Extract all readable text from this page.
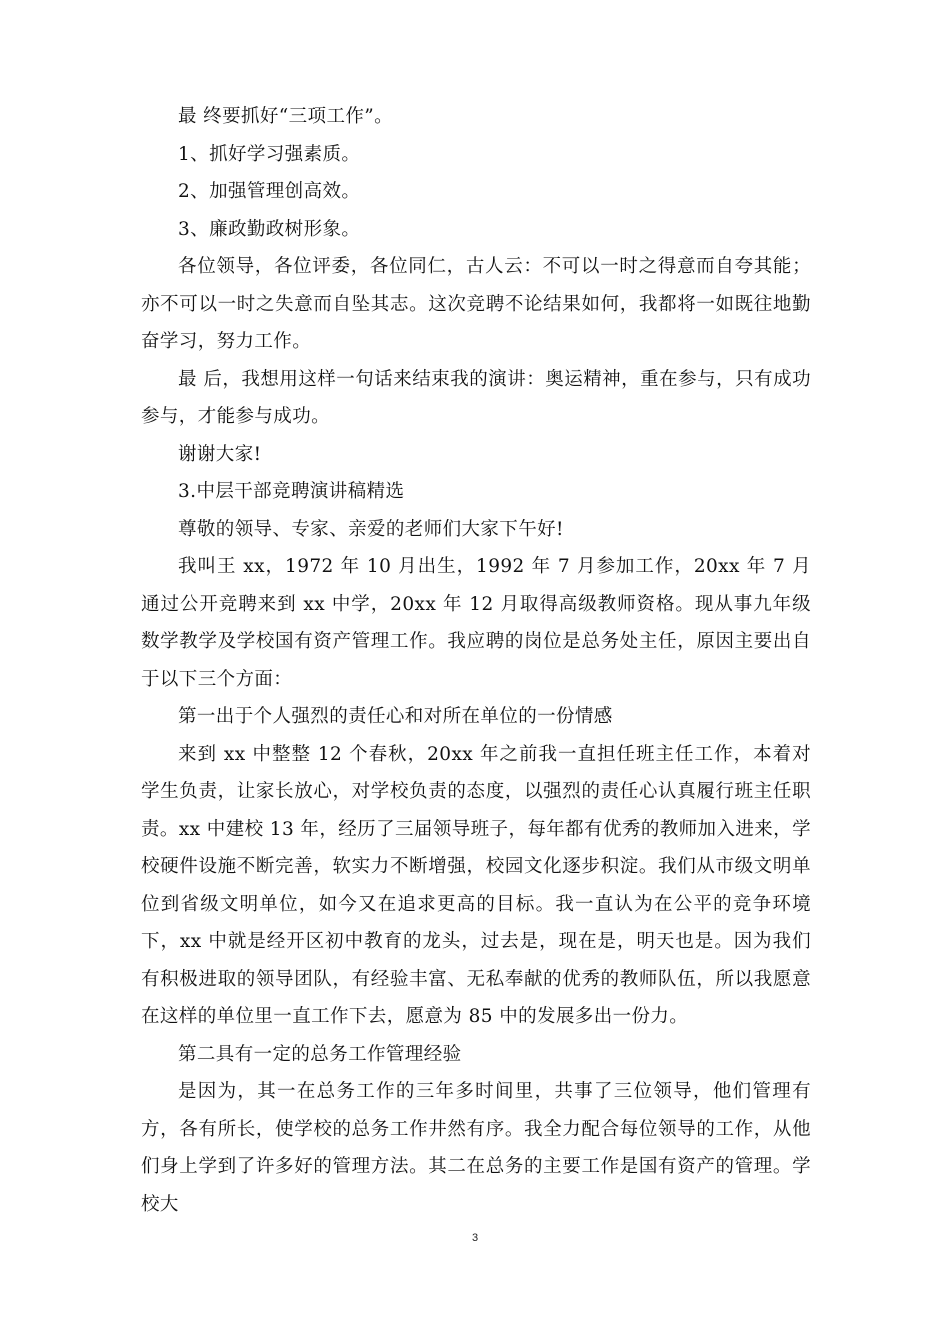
最 终要抓好“三项工作”。

1、抓好学习强素质。

2、加强管理创高效。

3、廉政勤政树形象。

各位领导，各位评委，各位同仁，古人云：不可以一时之得意而自夸其能；亦不可以一时之失意而自坠其志。这次竞聘不论结果如何，我都将一如既往地勤奋学习，努力工作。

最 后，我想用这样一句话来结束我的演讲：奥运精神，重在参与，只有成功参与，才能参与成功。

谢谢大家!

3.中层干部竞聘演讲稿精选

尊敬的领导、专家、亲爱的老师们大家下午好!

我叫王 xx，1972 年 10 月出生，1992 年 7 月参加工作，20xx 年 7 月通过公开竞聘来到 xx 中学，20xx 年 12 月取得高级教师资格。现从事九年级数学教学及学校国有资产管理工作。我应聘的岗位是总务处主任，原因主要出自于以下三个方面：

第一出于个人强烈的责任心和对所在单位的一份情感

来到 xx 中整整 12 个春秋，20xx 年之前我一直担任班主任工作，本着对学生负责，让家长放心，对学校负责的态度，以强烈的责任心认真履行班主任职责。xx 中建校 13 年，经历了三届领导班子，每年都有优秀的教师加入进来，学校硬件设施不断完善，软实力不断增强，校园文化逐步积淀。我们从市级文明单位到省级文明单位，如今又在追求更高的目标。我一直认为在公平的竞争环境下，xx 中就是经开区初中教育的龙头，过去是，现在是，明天也是。因为我们有积极进取的领导团队，有经验丰富、无私奉献的优秀的教师队伍，所以我愿意在这样的单位里一直工作下去，愿意为 85 中的发展多出一份力。

第二具有一定的总务工作管理经验

是因为，其一在总务工作的三年多时间里，共事了三位领导，他们管理有方，各有所长，使学校的总务工作井然有序。我全力配合每位领导的工作，从他们身上学到了许多好的管理方法。其二在总务的主要工作是国有资产的管理。学校大

3
